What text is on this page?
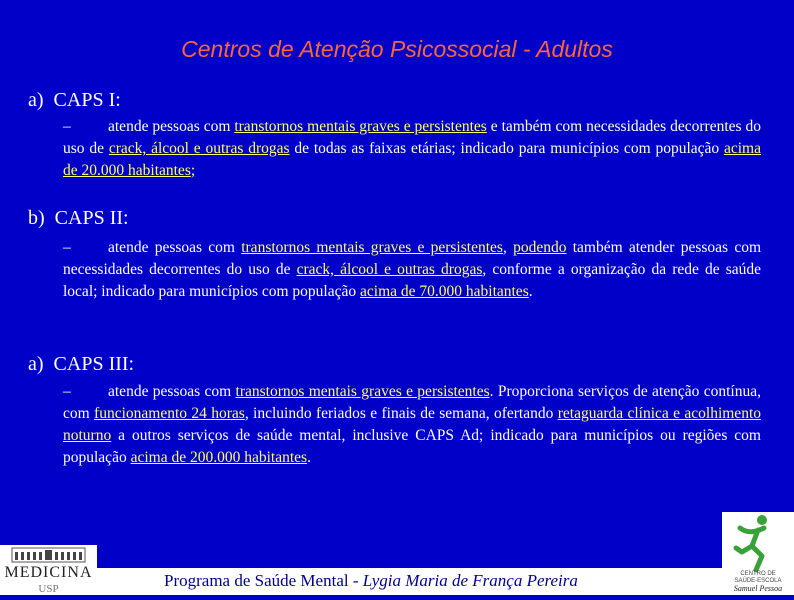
Centros de Atenção Psicossocial - Adultos
a) CAPS I:
– atende pessoas com transtornos mentais graves e persistentes e também com necessidades decorrentes do uso de crack, álcool e outras drogas de todas as faixas etárias; indicado para municípios com população acima de 20.000 habitantes;
b) CAPS II:
– atende pessoas com transtornos mentais graves e persistentes, podendo também atender pessoas com necessidades decorrentes do uso de crack, álcool e outras drogas, conforme a organização da rede de saúde local; indicado para municípios com população acima de 70.000 habitantes.
a) CAPS III:
– atende pessoas com transtornos mentais graves e persistentes. Proporciona serviços de atenção contínua, com funcionamento 24 horas, incluindo feriados e finais de semana, ofertando retaguarda clínica e acolhimento noturno a outros serviços de saúde mental, inclusive CAPS Ad; indicado para municípios ou regiões com população acima de 200.000 habitantes.
Programa de Saúde Mental - Lygia Maria de França Pereira
MEDICINA
USP
CENTRO DE
SAÚDE-ESCOLA
Samuel Pessoa
